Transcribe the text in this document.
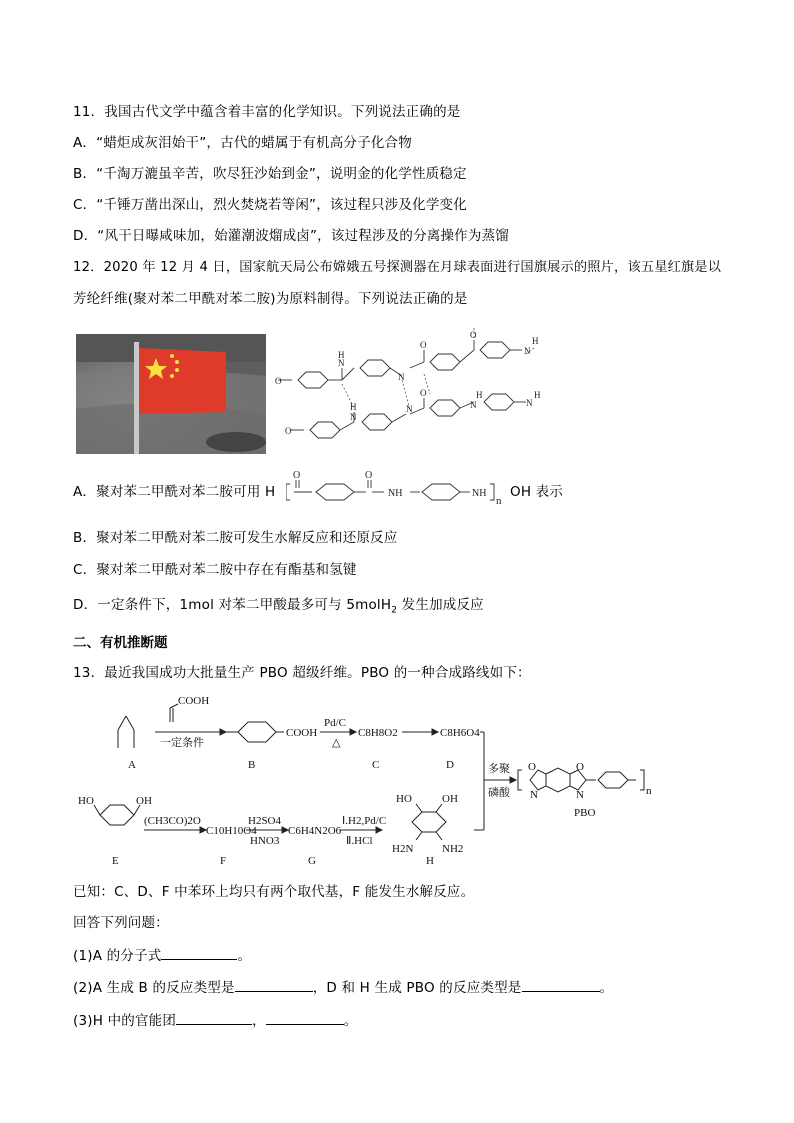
11．我国古代文学中蕴含着丰富的化学知识。下列说法正确的是
A．“蜡炬成灰泪始干”，古代的蜡属于有机高分子化合物
B．“千淘万漉虽辛苦，吹尽狂沙始到金”，说明金的化学性质稳定
C．“千锤万凿出深山，烈火焚烧若等闲”，该过程只涉及化学变化
D．“风干日曝咸味加，始灌潮波熘成卤”，该过程涉及的分离操作为蒸馏
12．2020 年 12 月 4 日，国家航天局公布嫦娥五号探测器在月球表面进行国旗展示的照片，该五星红旗是以
芳纶纤维(聚对苯二甲酰对苯二胺)为原料制得。下列说法正确的是
O
N
H
N
O
O
N
H
H
N
N
O	H
N	N
H
O
A．聚对苯二甲酰对苯二胺可用 H
O	O
NH	NH
n
OH 表示
B．聚对苯二甲酰对苯二胺可发生水解反应和还原反应
C．聚对苯二甲酰对苯二胺中存在有酯基和氢键
D．一定条件下，1mol 对苯二甲酸最多可与 5molH$_2$ 发生加成反应
二、有机推断题
13．最近我国成功大批量生产 PBO 超级纤维。PBO 的一种合成路线如下：
COOH
一定条件
COOH
Pd/C
△
C8H8O2	C8H6O4
多聚
磷酸
O
N
O
N	n
A	B	C	D
PBO
HO	OH
(CH3CO)2O
C10H10O4
H2SO4
HNO3
C6H4N2O6
Ⅰ.H2,Pd/C
Ⅱ.HCl
HO	OH
H2N	NH2
E	F	G	H
已知：C、D、F 中苯环上均只有两个取代基，F 能发生水解反应。
回答下列问题：
(1)A 的分子式	。
(2)A 生成 B 的反应类型是	，D 和 H 生成 PBO 的反应类型是	。
(3)H 中的官能团	，	。
